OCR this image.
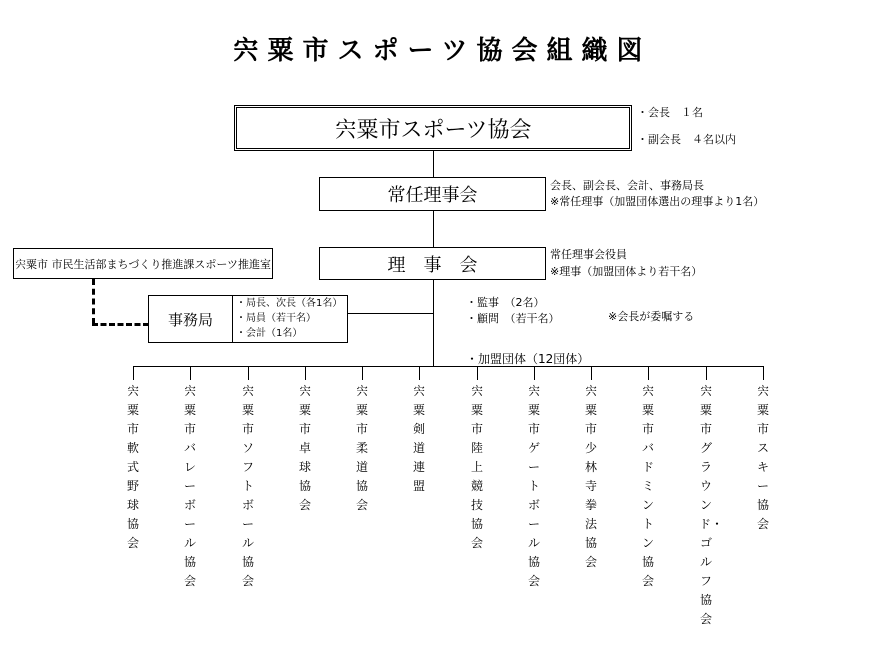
宍粟市スポーツ協会組織図
宍粟市スポーツ協会
・会長　１名
・副会長　４名以内
常任理事会	会長、副会長、会計、事務局長
※常任理事（加盟団体選出の理事より1名）
理　事　会	常任理事会役員
※理事（加盟団体より若干名）
宍粟市 市民生活部まちづくり推進課スポーツ推進室
事務局
・局長、次長（各1名）
・局員（若干名）
・会計（1名）
・監事　（2名）
・顧問　（若干名）	※会長が委嘱する
・加盟団体（12団体）
宍粟市軟式野球協会
宍粟市バレーボール協会
宍粟市ソフトボール協会
宍粟市卓球協会
宍粟市柔道協会
宍粟剣道連盟
宍粟市陸上競技協会
宍粟市ゲートボール協会
宍粟市少林寺拳法協会
宍粟市バドミントン協会
宍粟市グラウンド・ゴルフ協会
宍粟市スキー協会
